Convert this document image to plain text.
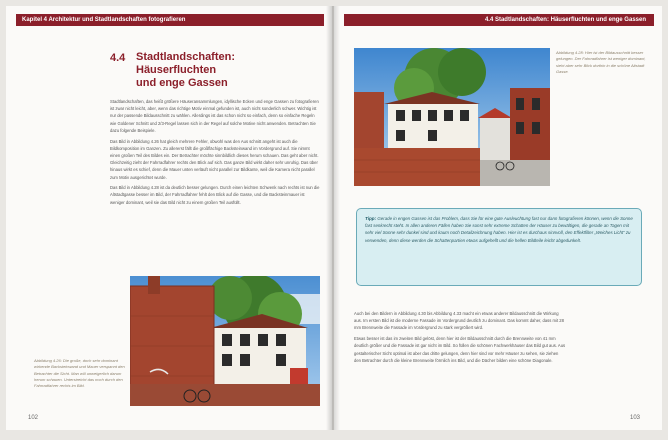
Kapitel 4 Architektur und Stadtlandschaften fotografieren
4.4 Stadtlandschaften:
Häuserfluchten
und enge Gassen

Stadtlandschaften, das heißt größere Häuseransammlungen, idyllische Ecken und enge Gassen zu fotografieren ist zwar nicht leicht, aber, wenn das richtige Motiv einmal gefunden ist, auch nicht sonderlich schwer. Wichtig ist nur der passende Bildausschnitt zu wählen. Allerdings ist das schon nicht so einfach, denn so einfache Regeln wie Goldener Schnitt und 2/3-Regel lassen sich in der Regel auf solche Motive nicht anwenden. Betrachten Sie dazu folgende Beispiele.

Das Bild in Abbildung 4.26 hat gleich mehrere Fehler, obwohl was den Aus schnitt angeht ist auch die Bildkomposition im Ganzen. Zu allererst fällt die großflächige Backsteinwand im Vordergrund auf. Sie nimmt einen großen Teil des Bildes ein. Der Betrachter möchte sinnbildlich dieses herum schauen. Das geht aber nicht. Gleichzeitig zieht der Fahrradfahrer rechts den Blick auf sich. Das ganze Bild wirkt daher sehr unruhig. Das über hinaus wirkt es schief, denn die Mauer unten verläuft nicht parallel zur Bildkante, weil die Kamera nicht parallel zum Motiv ausgerichtet wurde.

Das Bild in Abbildung 4.28 ist da deutlich besser gelungen. Durch einen leichten Schwenk nach rechts ist nun die Altstadtgasse besser im Bild, der Fahrradfahrer fehlt den Blick auf die Gasse, und die Backsteinmauer ist weniger dominant, weil sie das Bild nicht zu einem großen Teil ausfüllt.

Abbildung 4.26: Die große, doch sehr dominant wirkende Backsteinwand und Mauer verspannt den Betrachter die Sicht. Man will unweigerlich darum herum schauen. Unterstreicht das noch durch den Fahrradfahrer rechts im Bild.
102
4.4 Stadtlandschaften: Häuserfluchten und enge Gassen
Abbildung 4.28: Hier ist der Bildausschnitt besser gelungen. Der Fahrradfahrer ist weniger dominant, sieht aber sehr Blick dorthin in die schöne Altstadt Gasse.
Tipp: Gerade in engen Gassen ist das Problem, dass Sie für eine gute Ausleuchtung fast nur dann fotografieren können, wenn die Sonne fast senkrecht steht. In allen anderen Fällen haben Sie sonst sehr extreme Schatten der Häuser zu bewältigen, die gerade an Tagen mit sehr viel Sonne sehr dunkel sind und kaum noch Detailzeichnung haben. Hier ist es durchaus sinnvoll, den Effektfilter „Weiches Licht“ zu verwenden, denn diese werden die Schattenpartien etwas aufgehellt und die hellen Bildteile leicht abgedunkelt.

Auch bei den Bildern in Abbildung 4.30 bis Abbildung 4.33 macht ein etwas anderer Bildausschnitt die Wirkung aus. Im ersten Bild ist die moderne Fassade im Vordergrund deutlich zu dominant. Das kommt daher, dass mit 28 mm Brennweite die Fassade im Vordergrund zu stark vergrößert wird.

Etwas besser ist das im zweiten Bild gelöst, denn hier ist der Bildausschnitt durch die Brennweite von 41 mm deutlich größer und die Fassade ist gar nicht im Bild. So füllen die schönen Fachwerkhäuser das Bild gut aus. Aus gestalterischer Sicht optimal ist aber das dritte gelungen, denn hier sind vor mehr Häuser zu sehen, sie ziehen den Betrachter durch die kleine Brennweite förmlich ins Bild, und die Dächer bilden eine schöne Diagonale.

103
